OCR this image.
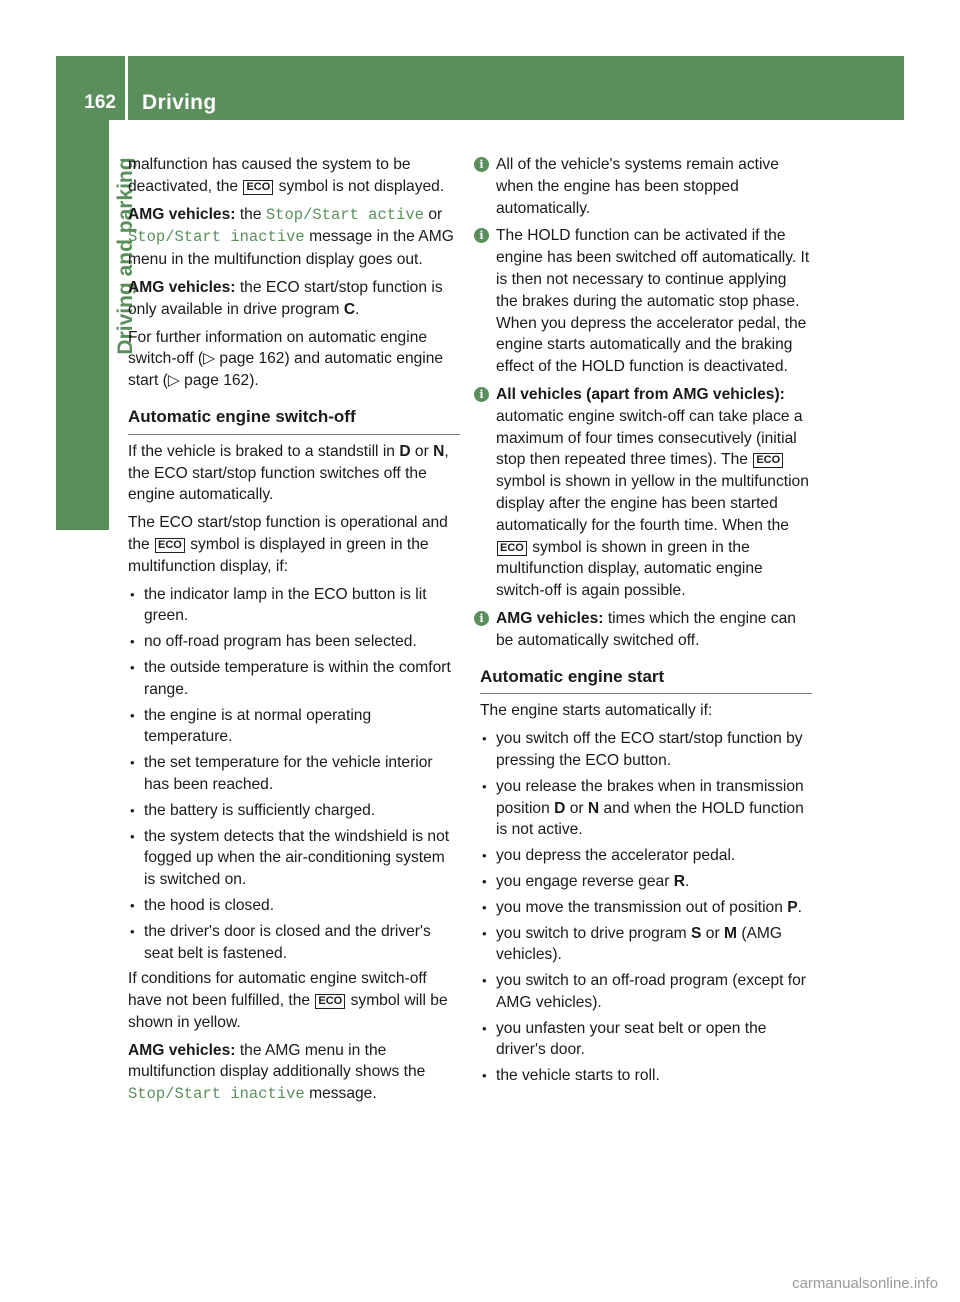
162 Driving
Driving and parking

malfunction has caused the system to be deactivated, the ECO symbol is not displayed.

AMG vehicles: the Stop/Start active or Stop/Start inactive message in the AMG menu in the multifunction display goes out.

AMG vehicles: the ECO start/stop function is only available in drive program C.

For further information on automatic engine switch-off (▷ page 162) and automatic engine start (▷ page 162).

Automatic engine switch-off

If the vehicle is braked to a standstill in D or N, the ECO start/stop function switches off the engine automatically.

The ECO start/stop function is operational and the ECO symbol is displayed in green in the multifunction display, if:

• the indicator lamp in the ECO button is lit green.
• no off-road program has been selected.
• the outside temperature is within the comfort range.
• the engine is at normal operating temperature.
• the set temperature for the vehicle interior has been reached.
• the battery is sufficiently charged.
• the system detects that the windshield is not fogged up when the air-conditioning system is switched on.
• the hood is closed.
• the driver's door is closed and the driver's seat belt is fastened.

If conditions for automatic engine switch-off have not been fulfilled, the ECO symbol will be shown in yellow.

AMG vehicles: the AMG menu in the multifunction display additionally shows the Stop/Start inactive message.

i All of the vehicle's systems remain active when the engine has been stopped automatically.
i The HOLD function can be activated if the engine has been switched off automatically. It is then not necessary to continue applying the brakes during the automatic stop phase. When you depress the accelerator pedal, the engine starts automatically and the braking effect of the HOLD function is deactivated.
i All vehicles (apart from AMG vehicles): automatic engine switch-off can take place a maximum of four times consecutively (initial stop then repeated three times). The ECO symbol is shown in yellow in the multifunction display after the engine has been started automatically for the fourth time. When the ECO symbol is shown in green in the multifunction display, automatic engine switch-off is again possible.
i AMG vehicles: times which the engine can be automatically switched off.
Automatic engine start

The engine starts automatically if:

• you switch off the ECO start/stop function by pressing the ECO button.
• you release the brakes when in transmission position D or N and when the HOLD function is not active.
• you depress the accelerator pedal.
• you engage reverse gear R.
• you move the transmission out of position P.
• you switch to drive program S or M (AMG vehicles).
• you switch to an off-road program (except for AMG vehicles).
• you unfasten your seat belt or open the driver's door.
• the vehicle starts to roll.
carmanualsonline.info
